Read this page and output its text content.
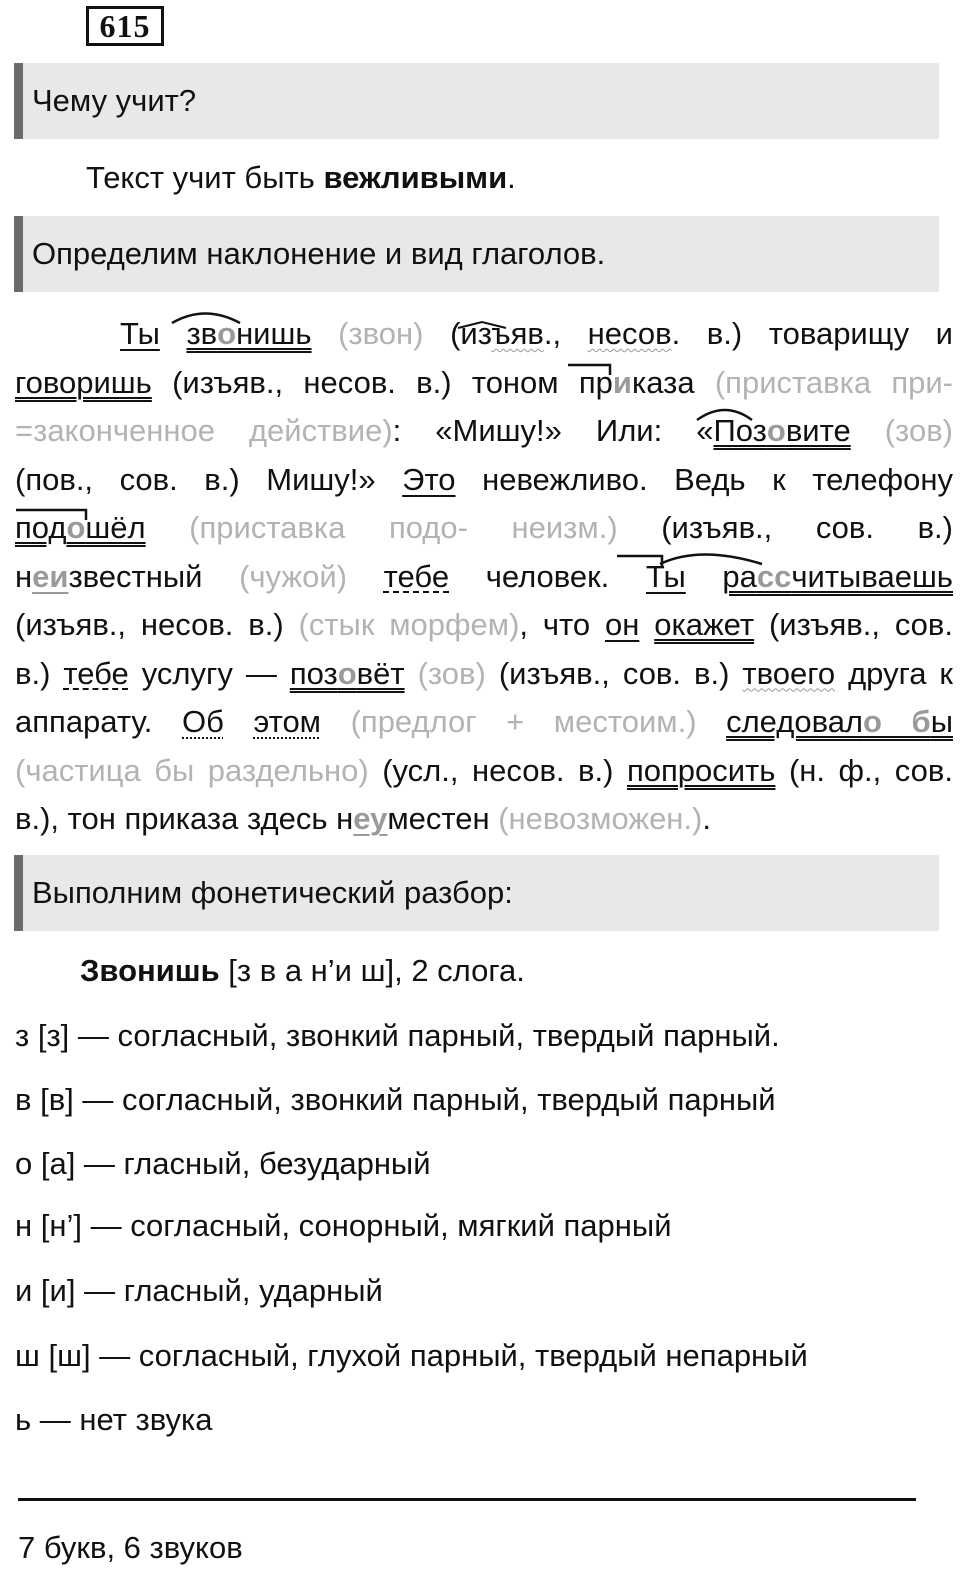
615
Чему учит?
Текст учит быть вежливыми.
Определим наклонение и вид глаголов.
Ты звонишь (звон) (изъяв., несов. в.) товарищу и
говоришь (изъяв., несов. в.) тоном приказа (приставка при-
=законченное действие): «Мишу!» Или: «Позовите (зов)
(пов., сов. в.) Мишу!» Это невежливо. Ведь к телефону
подошёл (приставка подо- неизм.) (изъяв., сов. в.)
неизвестный (чужой) тебе человек. Ты рассчитываешь
(изъяв., несов. в.) (стык морфем), что он окажет (изъяв., сов.
в.) тебе услугу — позовёт (зов) (изъяв., сов. в.) твоего друга к
аппарату. Об этом (предлог + местоим.) следовало бы
(частица бы раздельно) (усл., несов. в.) попросить (н. ф., сов.
в.), тон приказа здесь неуместен (невозможен.).
Выполним фонетический разбор:
Звонишь [з в а н’и ш], 2 слога.
з [з] — согласный, звонкий парный, твердый парный.
в [в] — согласный, звонкий парный, твердый парный
о [а] — гласный, безударный
н [н’] — согласный, сонорный, мягкий парный
и [и] — гласный, ударный
ш [ш] — согласный, глухой парный, твердый непарный
ь — нет звука
7 букв, 6 звуков
